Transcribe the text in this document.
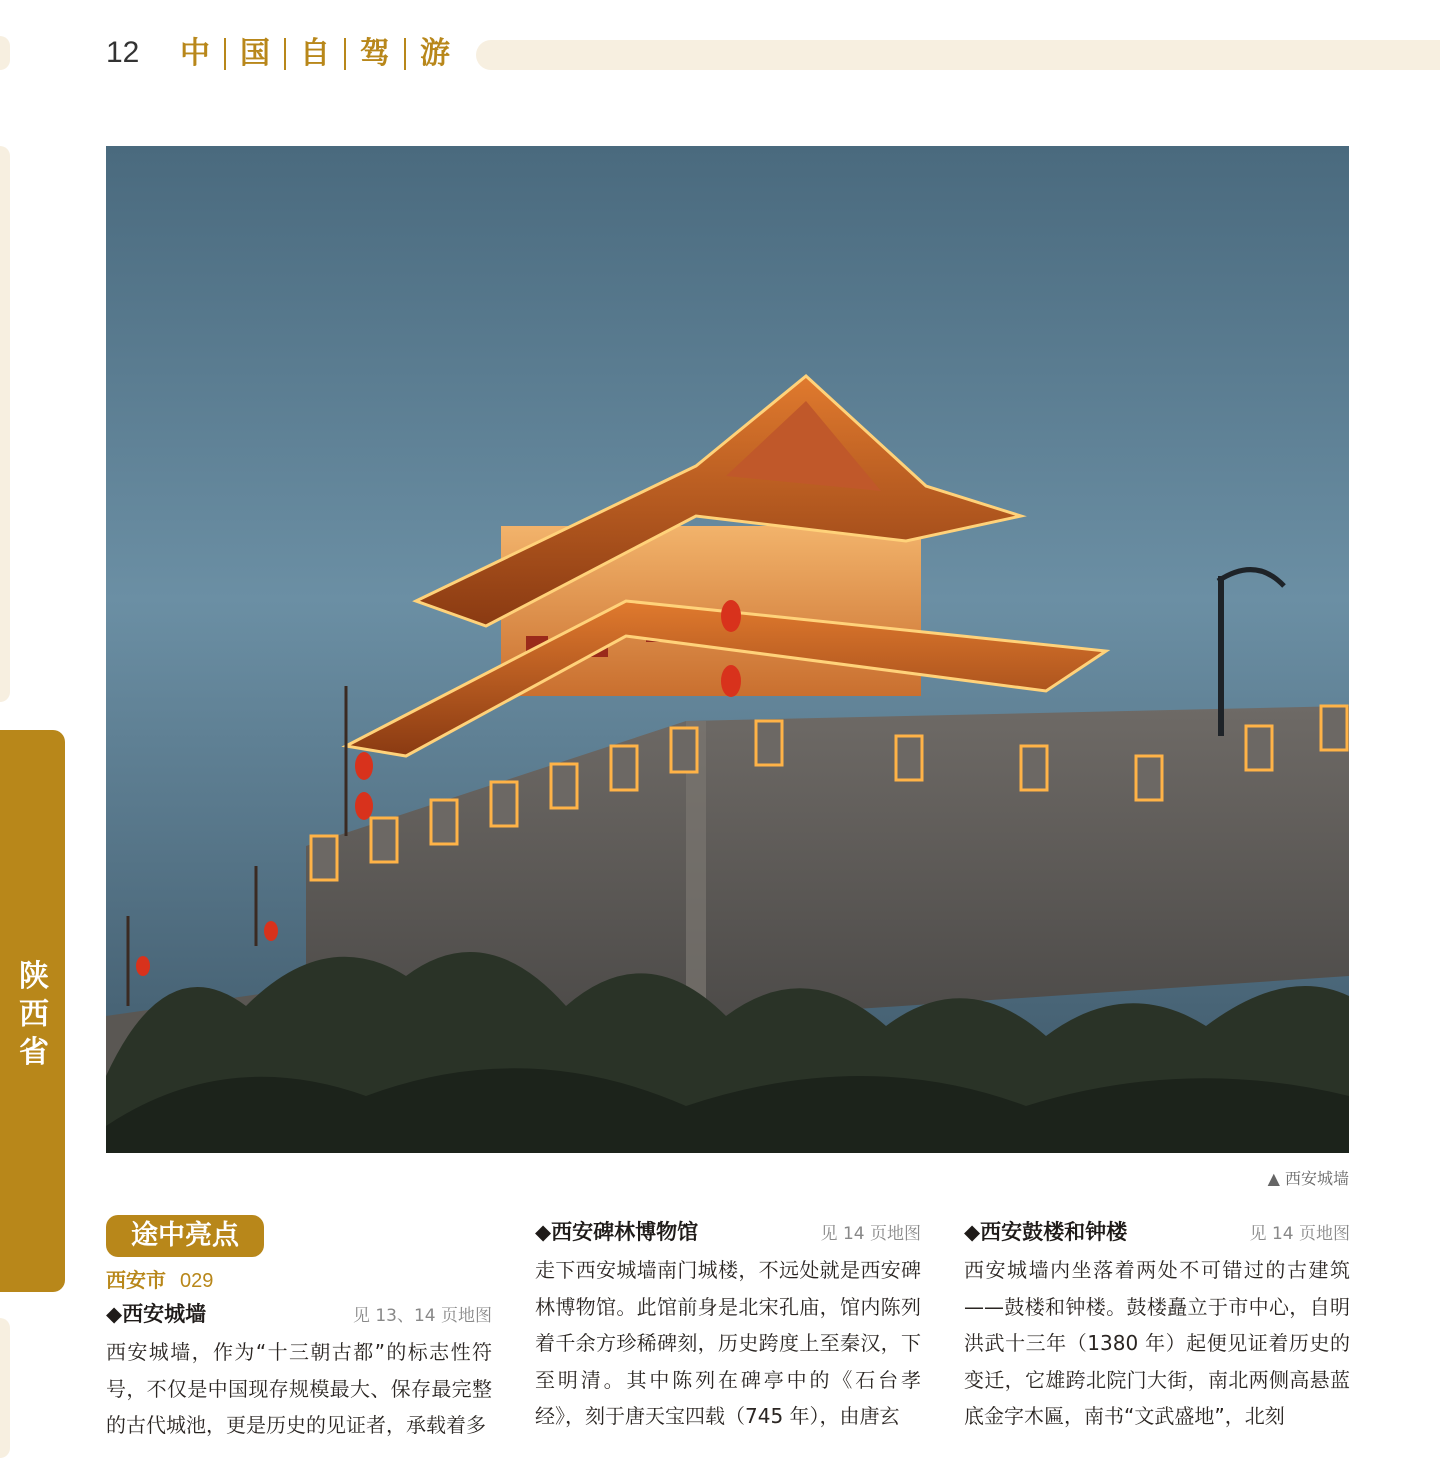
12 中	国	自	驾	游
陕西省
▲ 西安城墙
途中亮点
西安市 029
◆西安城墙	见 13、14 页地图

西安城墙，作为“十三朝古都”的标志性符号，不仅是中国现存规模最大、保存最完整的古代城池，更是历史的见证者，承载着多

◆西安碑林博物馆	见 14 页地图

走下西安城墙南门城楼，不远处就是西安碑林博物馆。此馆前身是北宋孔庙，馆内陈列着千余方珍稀碑刻，历史跨度上至秦汉，下至明清。其中陈列在碑亭中的《石台孝经》，刻于唐天宝四载（745 年），由唐玄

◆西安鼓楼和钟楼	见 14 页地图

西安城墙内坐落着两处不可错过的古建筑——鼓楼和钟楼。鼓楼矗立于市中心，自明洪武十三年（1380 年）起便见证着历史的变迁，它雄跨北院门大街，南北两侧高悬蓝底金字木匾，南书“文武盛地”，北刻
